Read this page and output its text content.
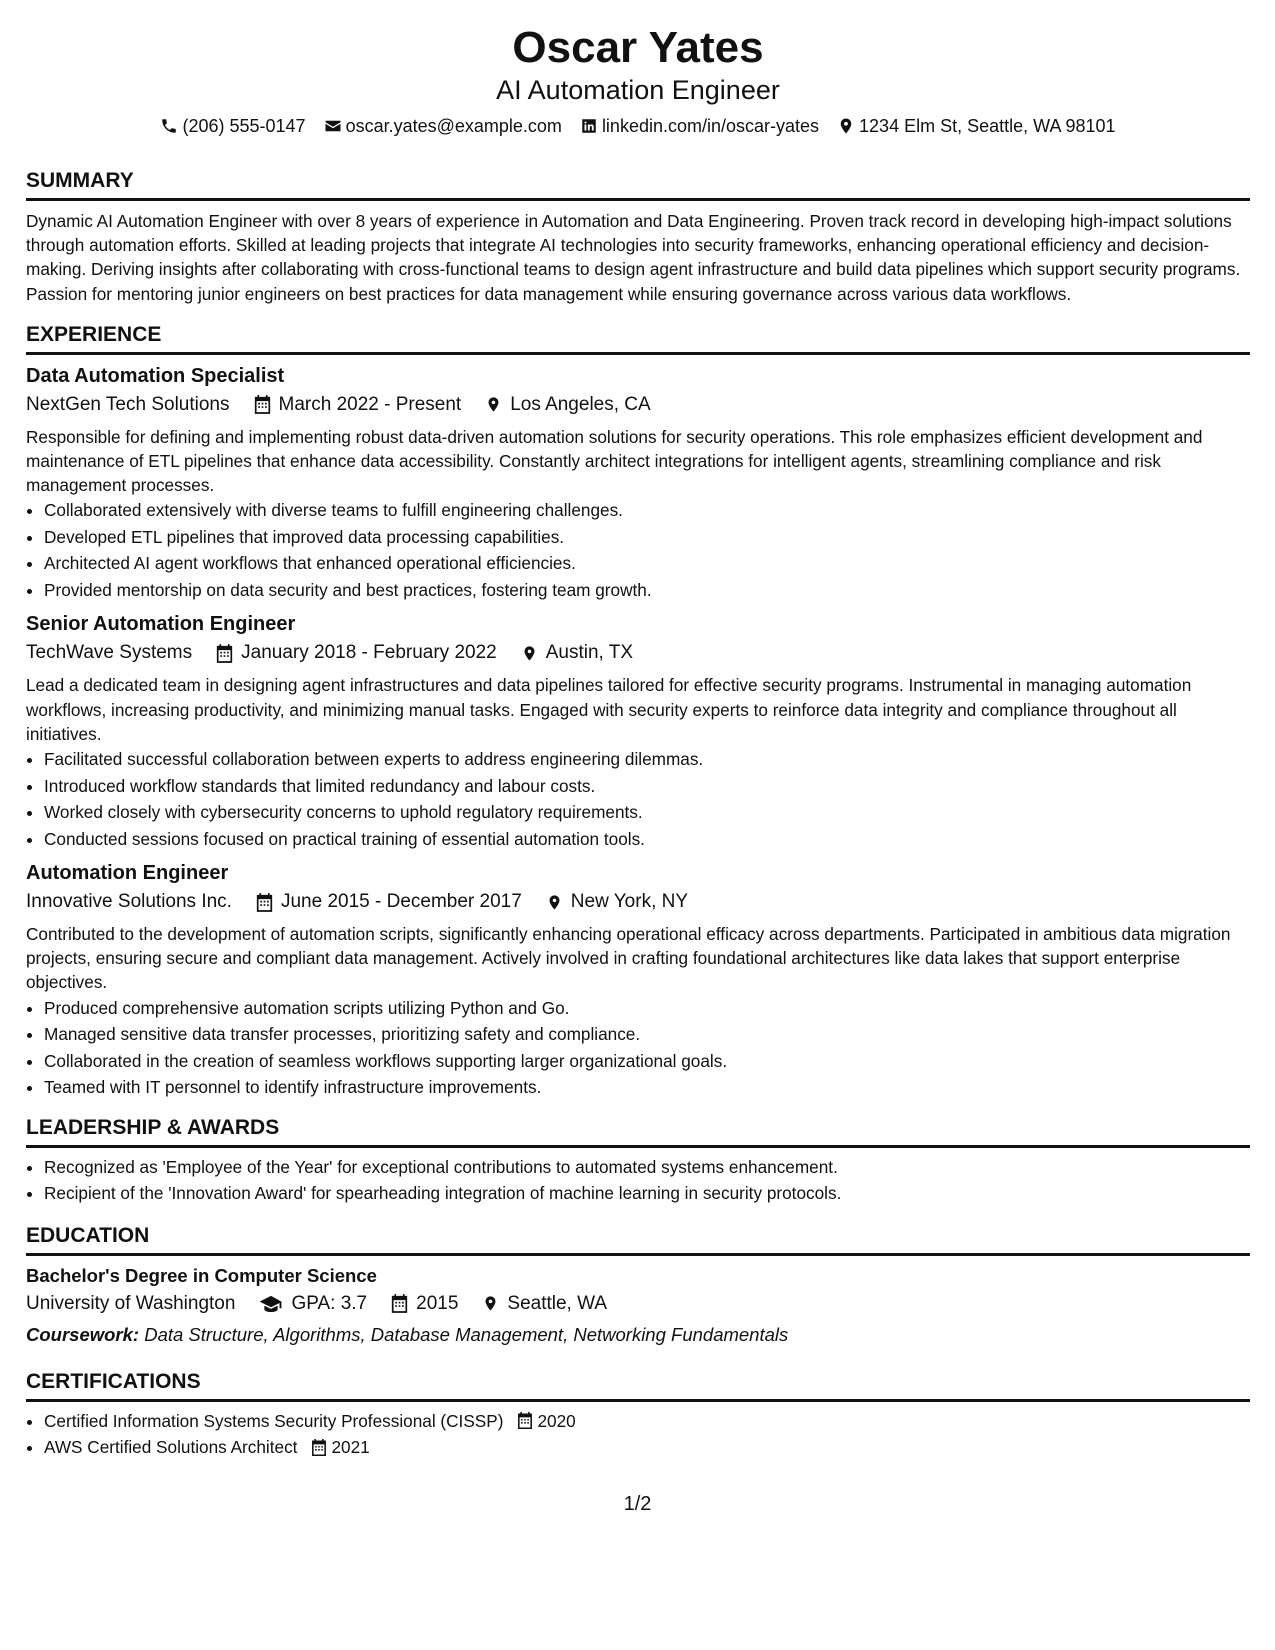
Oscar Yates
AI Automation Engineer
(206) 555-0147 oscar.yates@example.com linkedin.com/in/oscar-yates 1234 Elm St, Seattle, WA 98101
SUMMARY
Dynamic AI Automation Engineer with over 8 years of experience in Automation and Data Engineering. Proven track record in developing high-impact solutions through automation efforts. Skilled at leading projects that integrate AI technologies into security frameworks, enhancing operational efficiency and decision-making. Deriving insights after collaborating with cross-functional teams to design agent infrastructure and build data pipelines which support security programs. Passion for mentoring junior engineers on best practices for data management while ensuring governance across various data workflows.
EXPERIENCE
Data Automation Specialist
NextGen Tech Solutions	March 2022 - Present	Los Angeles, CA
Responsible for defining and implementing robust data-driven automation solutions for security operations. This role emphasizes efficient development and maintenance of ETL pipelines that enhance data accessibility. Constantly architect integrations for intelligent agents, streamlining compliance and risk management processes.
• Collaborated extensively with diverse teams to fulfill engineering challenges.
• Developed ETL pipelines that improved data processing capabilities.
• Architected AI agent workflows that enhanced operational efficiencies.
• Provided mentorship on data security and best practices, fostering team growth.
Senior Automation Engineer
TechWave Systems	January 2018 - February 2022	Austin, TX
Lead a dedicated team in designing agent infrastructures and data pipelines tailored for effective security programs. Instrumental in managing automation workflows, increasing productivity, and minimizing manual tasks. Engaged with security experts to reinforce data integrity and compliance throughout all initiatives.
• Facilitated successful collaboration between experts to address engineering dilemmas.
• Introduced workflow standards that limited redundancy and labour costs.
• Worked closely with cybersecurity concerns to uphold regulatory requirements.
• Conducted sessions focused on practical training of essential automation tools.
Automation Engineer
Innovative Solutions Inc.	June 2015 - December 2017	New York, NY
Contributed to the development of automation scripts, significantly enhancing operational efficacy across departments. Participated in ambitious data migration projects, ensuring secure and compliant data management. Actively involved in crafting foundational architectures like data lakes that support enterprise objectives.
• Produced comprehensive automation scripts utilizing Python and Go.
• Managed sensitive data transfer processes, prioritizing safety and compliance.
• Collaborated in the creation of seamless workflows supporting larger organizational goals.
• Teamed with IT personnel to identify infrastructure improvements.
LEADERSHIP & AWARDS
• Recognized as 'Employee of the Year' for exceptional contributions to automated systems enhancement.
• Recipient of the 'Innovation Award' for spearheading integration of machine learning in security protocols.
EDUCATION
Bachelor's Degree in Computer Science
University of Washington	GPA: 3.7	2015	Seattle, WA
Coursework: Data Structure, Algorithms, Database Management, Networking Fundamentals
CERTIFICATIONS
• Certified Information Systems Security Professional (CISSP) 2020
• AWS Certified Solutions Architect 2021
1/2
